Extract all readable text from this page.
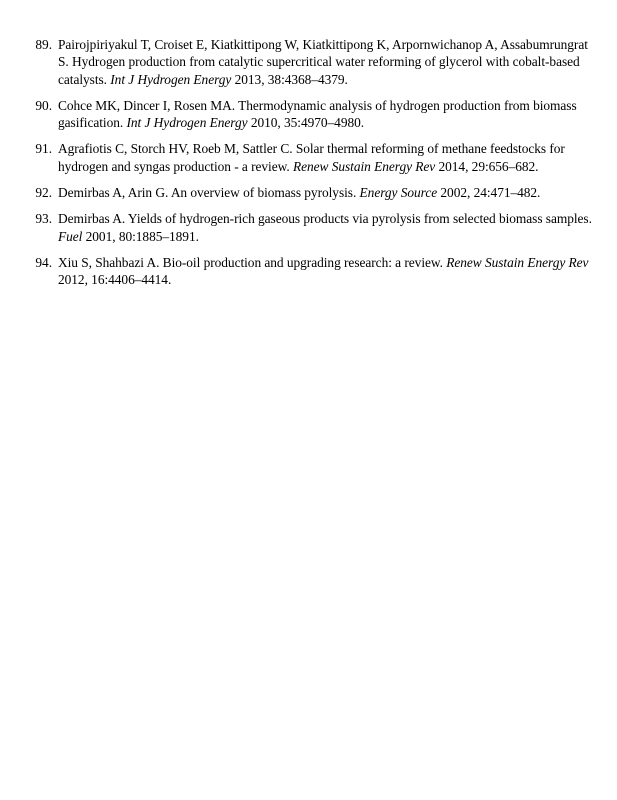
89. Pairojpiriyakul T, Croiset E, Kiatkittipong W, Kiatkittipong K, Arpornwichanop A, Assabumrungrat S. Hydrogen production from catalytic supercritical water reforming of glycerol with cobalt-based catalysts. Int J Hydrogen Energy 2013, 38:4368–4379.
90. Cohce MK, Dincer I, Rosen MA. Thermodynamic analysis of hydrogen production from biomass gasification. Int J Hydrogen Energy 2010, 35:4970–4980.
91. Agrafiotis C, Storch HV, Roeb M, Sattler C. Solar thermal reforming of methane feedstocks for hydrogen and syngas production - a review. Renew Sustain Energy Rev 2014, 29:656–682.
92. Demirbas A, Arin G. An overview of biomass pyrolysis. Energy Source 2002, 24:471–482.
93. Demirbas A. Yields of hydrogen-rich gaseous products via pyrolysis from selected biomass samples. Fuel 2001, 80:1885–1891.
94. Xiu S, Shahbazi A. Bio-oil production and upgrading research: a review. Renew Sustain Energy Rev 2012, 16:4406–4414.
